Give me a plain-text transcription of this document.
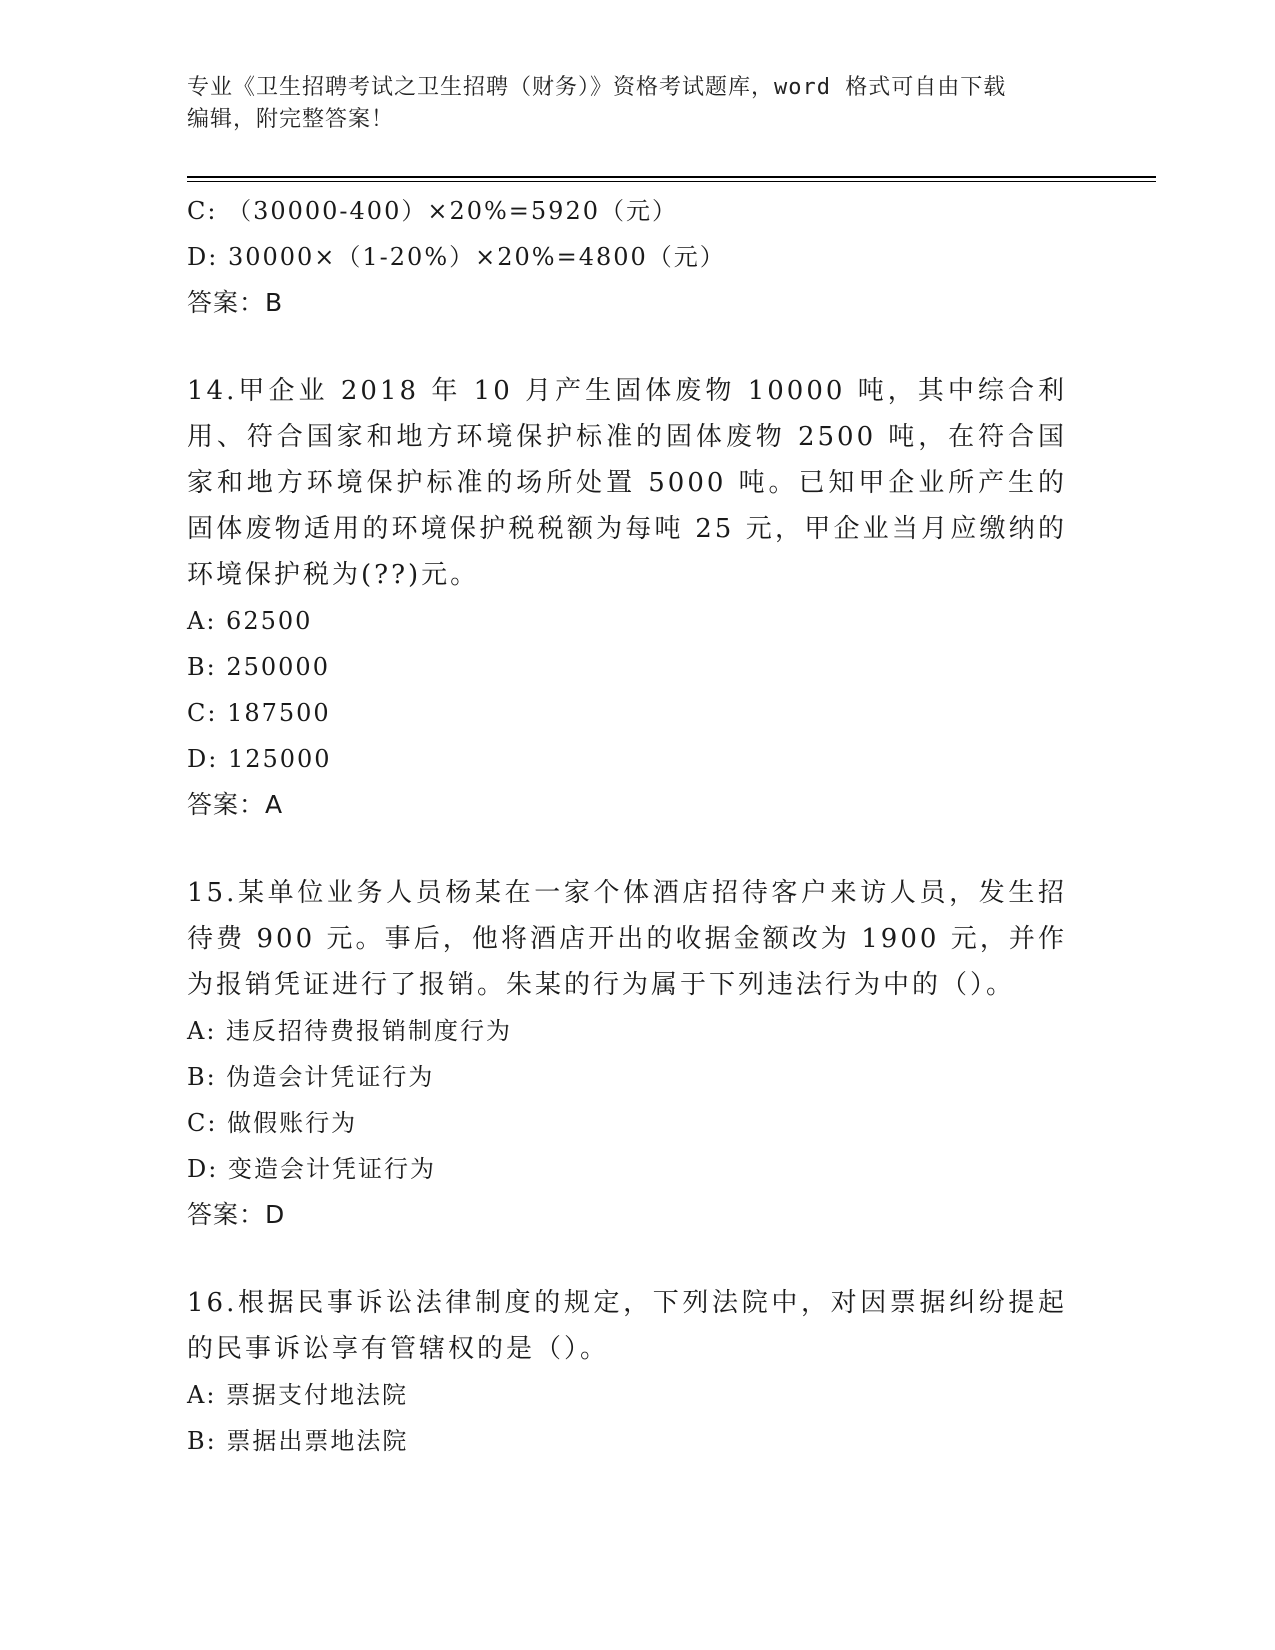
专业《卫生招聘考试之卫生招聘（财务）》资格考试题库，word 格式可自由下载
编辑，附完整答案！
C: （30000-400）×20%=5920（元）
D: 30000×（1-20%）×20%=4800（元）
答案：B
14.甲企业 2018 年 10 月产生固体废物 10000 吨，其中综合利用、符合国家和地方环境保护标准的固体废物 2500 吨，在符合国家和地方环境保护标准的场所处置 5000 吨。已知甲企业所产生的固体废物适用的环境保护税税额为每吨 25 元，甲企业当月应缴纳的环境保护税为(??)元。
A: 62500
B: 250000
C: 187500
D: 125000
答案：A
15.某单位业务人员杨某在一家个体酒店招待客户来访人员，发生招待费 900 元。事后，他将酒店开出的收据金额改为 1900 元，并作为报销凭证进行了报销。朱某的行为属于下列违法行为中的（）。
A: 违反招待费报销制度行为
B: 伪造会计凭证行为
C: 做假账行为
D: 变造会计凭证行为
答案：D
16.根据民事诉讼法律制度的规定，下列法院中，对因票据纠纷提起的民事诉讼享有管辖权的是（）。
A: 票据支付地法院
B: 票据出票地法院
